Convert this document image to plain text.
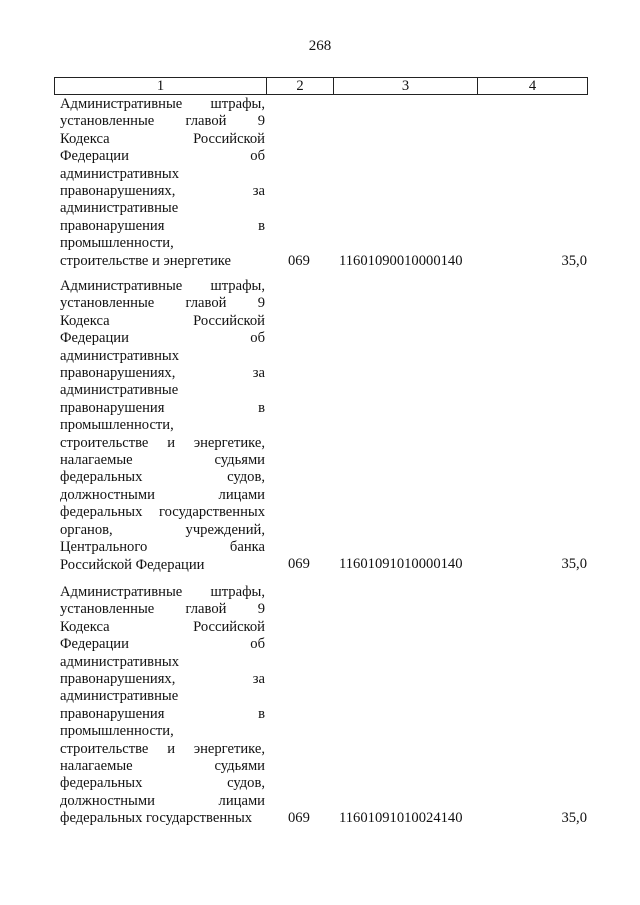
268
1	2	3	4
Административные штрафы,
установленные главой 9
Кодекса Российской
Федерации об
административных
правонарушениях, за
административные
правонарушения в
промышленности,
строительстве и энергетике	069 11601090010000140	35,0
Административные штрафы,
установленные главой 9
Кодекса Российской
Федерации об
административных
правонарушениях, за
административные
правонарушения в
промышленности,
строительстве и энергетике,
налагаемые судьями
федеральных судов,
должностными лицами
федеральных государственных
органов, учреждений,
Центрального банка
Российской Федерации	069 11601091010000140	35,0
Административные штрафы,
установленные главой 9
Кодекса Российской
Федерации об
административных
правонарушениях, за
административные
правонарушения в
промышленности,
строительстве и энергетике,
налагаемые судьями
федеральных судов,
должностными лицами
федеральных государственных	069 11601091010024140	35,0
